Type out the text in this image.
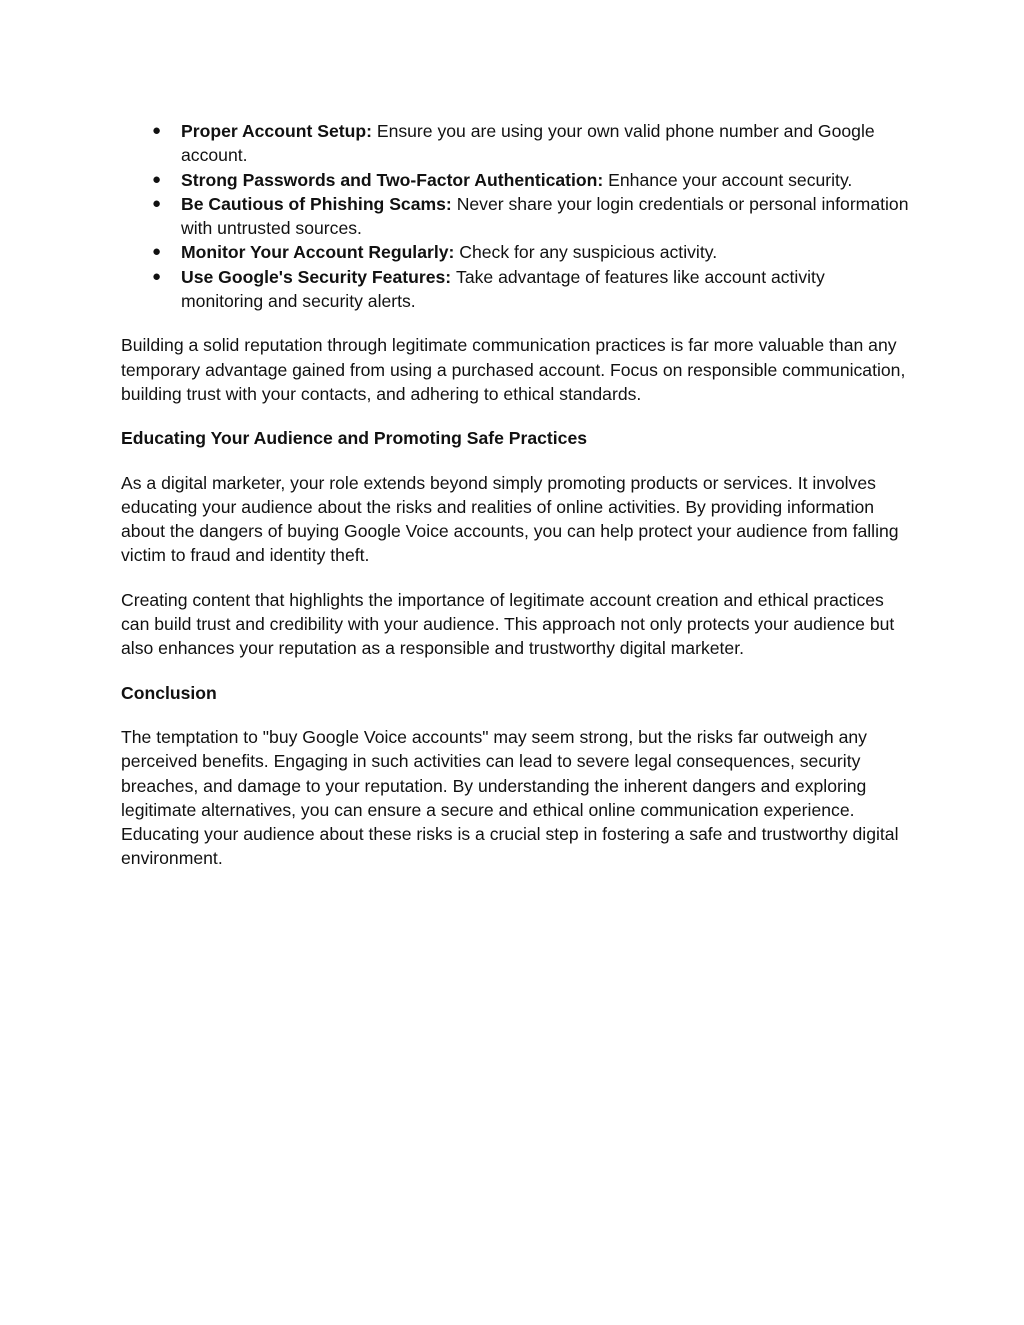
● Proper Account Setup: Ensure you are using your own valid phone number and Google account.
● Strong Passwords and Two-Factor Authentication: Enhance your account security.
● Be Cautious of Phishing Scams: Never share your login credentials or personal information with untrusted sources.
● Monitor Your Account Regularly: Check for any suspicious activity.
● Use Google's Security Features: Take advantage of features like account activity monitoring and security alerts.

Building a solid reputation through legitimate communication practices is far more valuable than any temporary advantage gained from using a purchased account. Focus on responsible communication, building trust with your contacts, and adhering to ethical standards.

Educating Your Audience and Promoting Safe Practices

As a digital marketer, your role extends beyond simply promoting products or services. It involves educating your audience about the risks and realities of online activities. By providing information about the dangers of buying Google Voice accounts, you can help protect your audience from falling victim to fraud and identity theft.

Creating content that highlights the importance of legitimate account creation and ethical practices can build trust and credibility with your audience. This approach not only protects your audience but also enhances your reputation as a responsible and trustworthy digital marketer.

Conclusion

The temptation to "buy Google Voice accounts" may seem strong, but the risks far outweigh any perceived benefits. Engaging in such activities can lead to severe legal consequences, security breaches, and damage to your reputation. By understanding the inherent dangers and exploring legitimate alternatives, you can ensure a secure and ethical online communication experience. Educating your audience about these risks is a crucial step in fostering a safe and trustworthy digital environment.
